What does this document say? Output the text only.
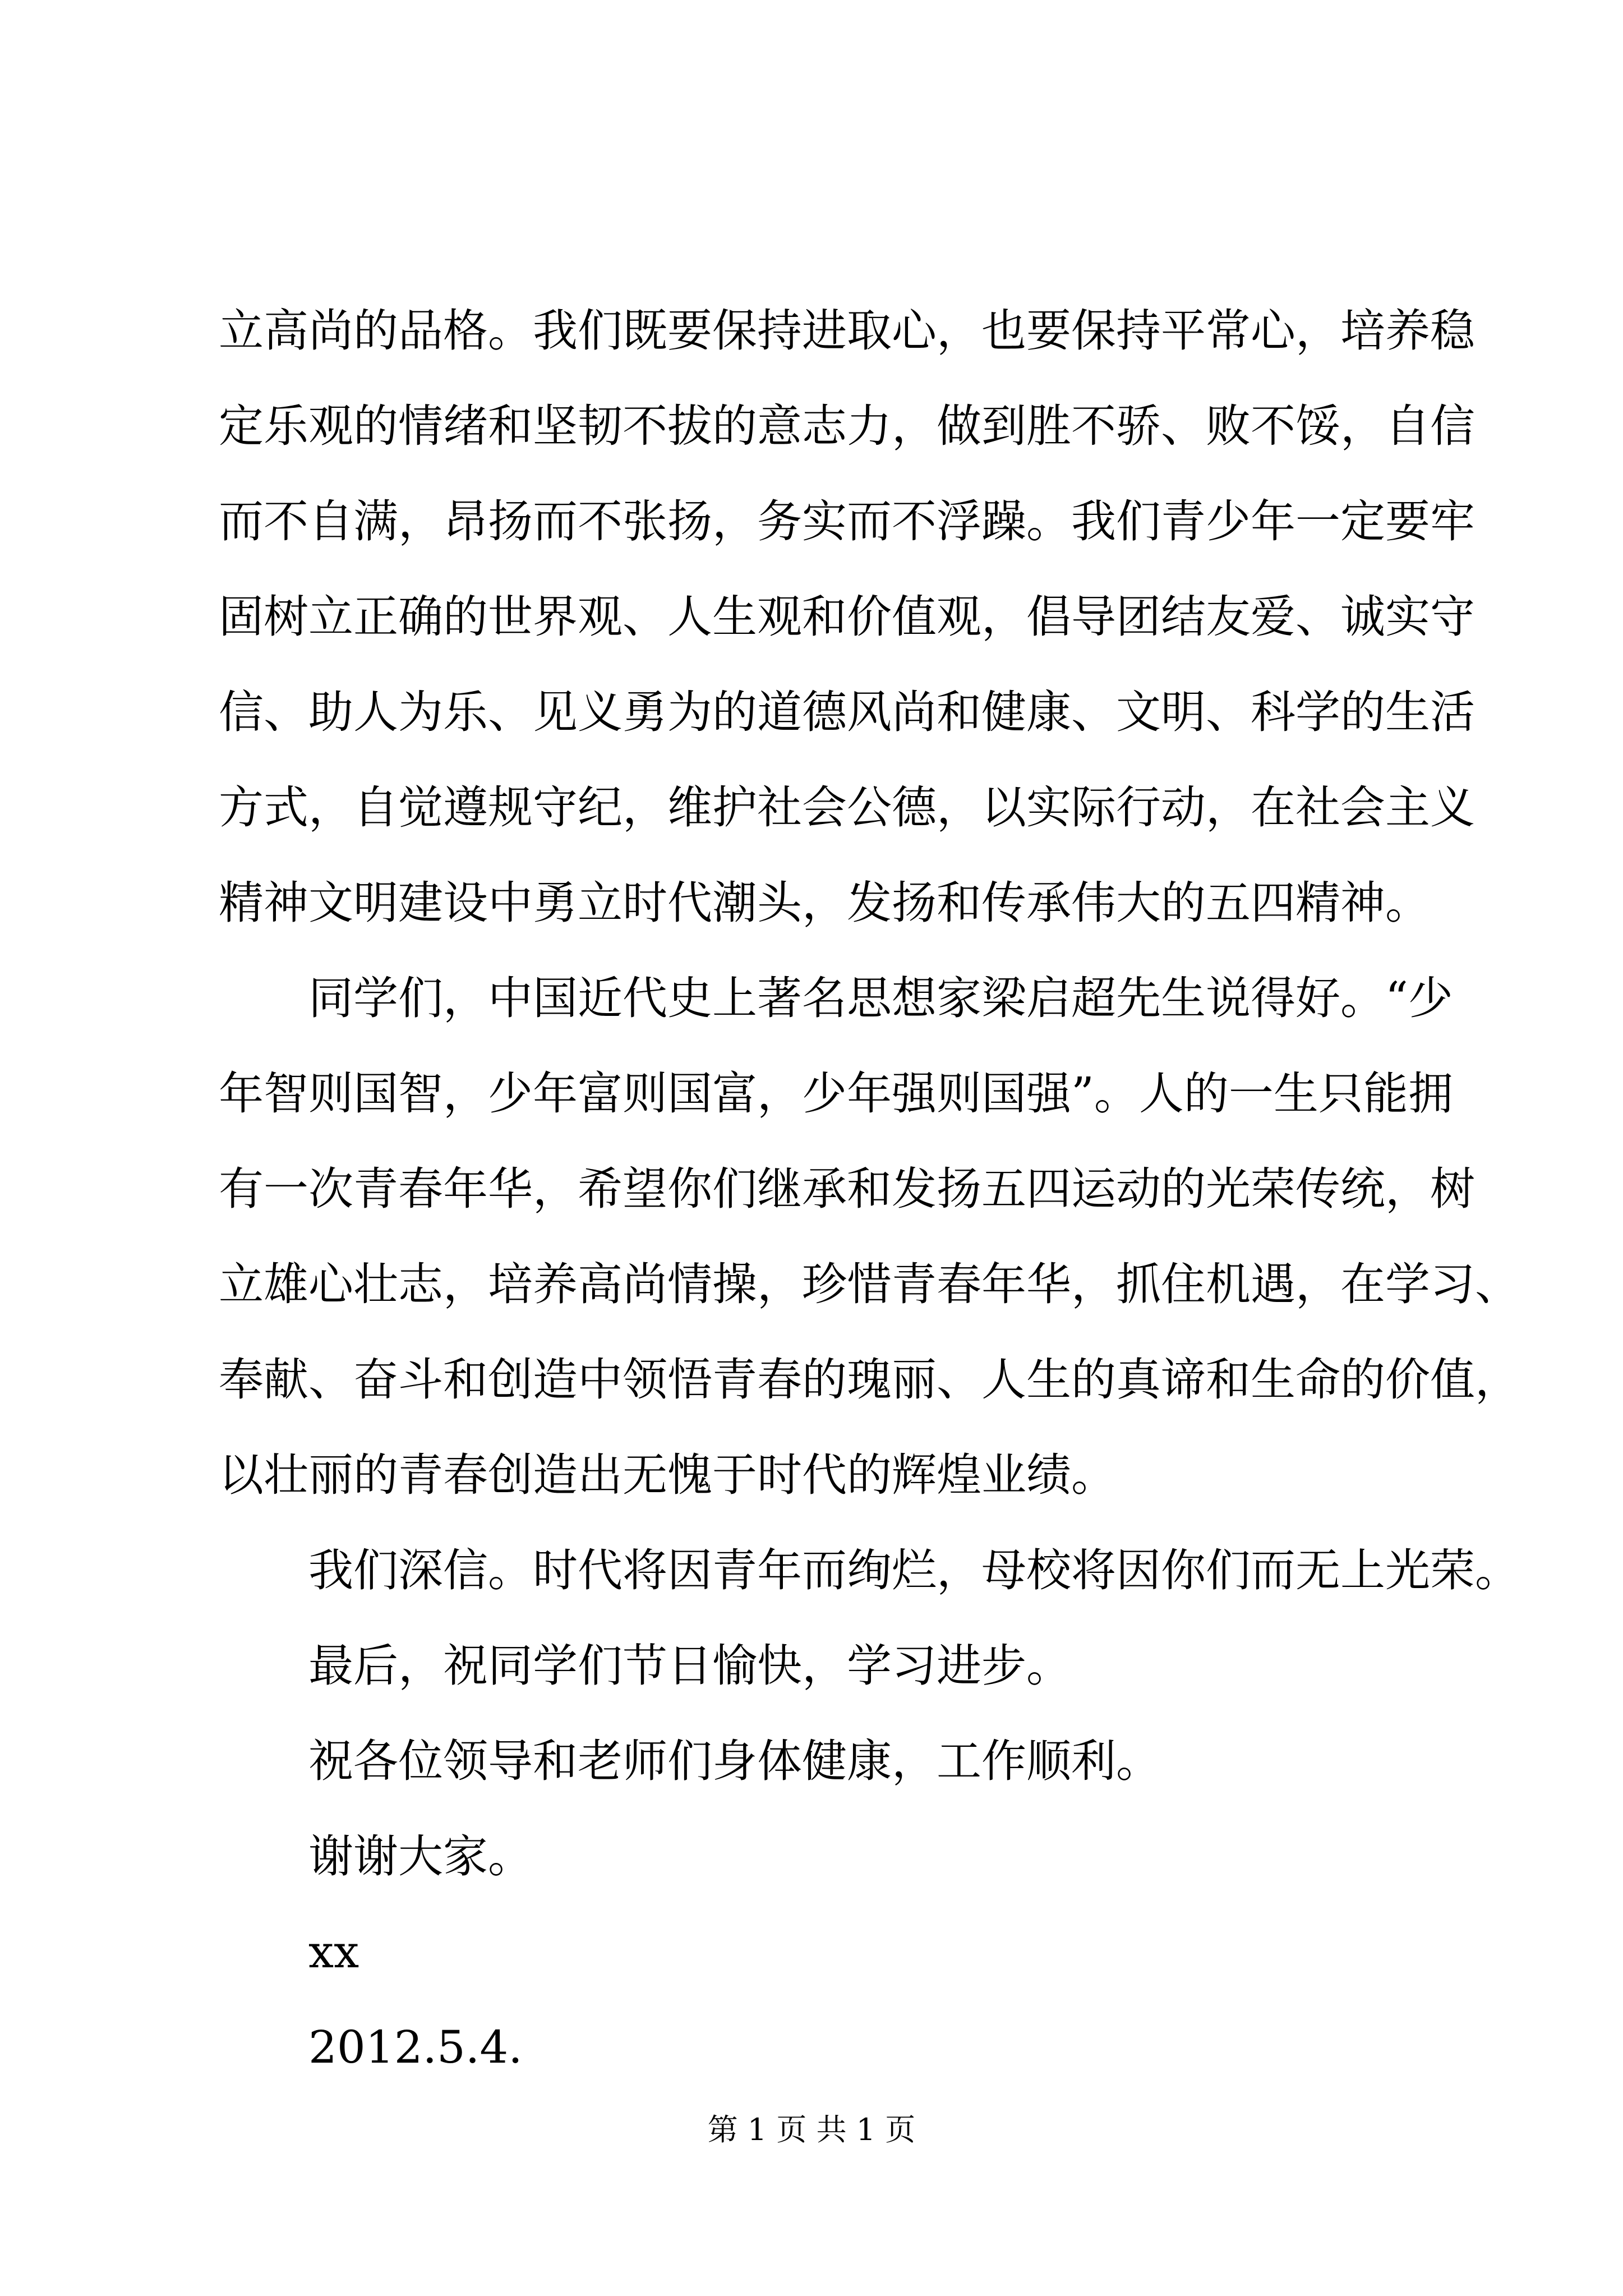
立高尚的品格。我们既要保持进取心，也要保持平常心，培养稳

定乐观的情绪和坚韧不拔的意志力，做到胜不骄、败不馁，自信

而不自满，昂扬而不张扬，务实而不浮躁。我们青少年一定要牢

固树立正确的世界观、人生观和价值观，倡导团结友爱、诚实守

信、助人为乐、见义勇为的道德风尚和健康、文明、科学的生活

方式，自觉遵规守纪，维护社会公德，以实际行动，在社会主义

精神文明建设中勇立时代潮头，发扬和传承伟大的五四精神。

　　同学们，中国近代史上著名思想家梁启超先生说得好。“少

年智则国智，少年富则国富，少年强则国强”。人的一生只能拥

有一次青春年华，希望你们继承和发扬五四运动的光荣传统，树

立雄心壮志，培养高尚情操，珍惜青春年华，抓住机遇，在学习、

奉献、奋斗和创造中领悟青春的瑰丽、人生的真谛和生命的价值，

以壮丽的青春创造出无愧于时代的辉煌业绩。

　　我们深信。时代将因青年而绚烂，母校将因你们而无上光荣。

　　最后，祝同学们节日愉快，学习进步。

　　祝各位领导和老师们身体健康，工作顺利。

　　谢谢大家。

　　xx

　　2012.5.4.

第 1 页 共 1 页
